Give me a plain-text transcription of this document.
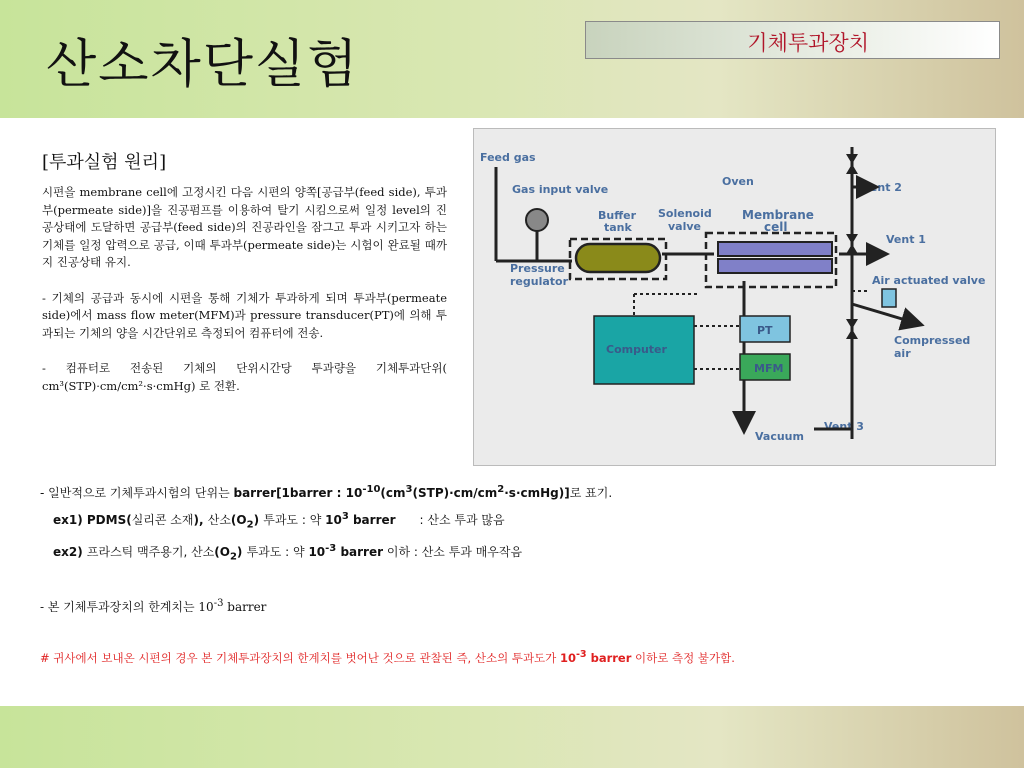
산소차단실험	기체투과장치
[투과실험 원리]
시편을 membrane cell에 고정시킨 다음 시편의 양쪽[공급부(feed side), 투과부(permeate side)]을 진공펌프를 이용하여 탈기 시킴으로써 일정 level의 진공상태에 도달하면 공급부(feed side)의 진공라인을 잠그고 투과 시키고자 하는 기체를 일정 압력으로 공급, 이때 투과부(permeate side)는 시험이 완료될 때까지 진공상태 유지.
- 기체의 공급과 동시에 시편을 통해 기체가 투과하게 되며 투과부(permeate side)에서 mass flow meter(MFM)과 pressure transducer(PT)에 의해 투과되는 기체의 양을 시간단위로 측정되어 컴퓨터에 전송.
- 컴퓨터로 전송된 기체의 단위시간당 투과량을 기체투과단위( cm³(STP)·cm/cm²·s·cmHg) 로 전환.
Feed gas
Gas input valve
Oven	Vent 2
Buffer
tank
Solenoid
valve
Membrane
cell
Vent 1
Pressure
regulator	Air actuated valve
Compressed
air
Vent 3
Vacuum
Computer
PT
MFM
- 일반적으로 기체투과시험의 단위는 barrer[1barrer : $10^{-10}(cm^3(STP)\cdot cm/cm^2\cdot s\cdot cmHg)$]로 표기.
ex1) PDMS(실리콘 소재), 산소$(O_2)$ 투과도 : 약 $10^3$ barrer : 산소 투과 많음
ex2) 프라스틱 맥주용기, 산소$(O_2)$ 투과도 : 약 $10^{-3}$ barrer 이하 : 산소 투과 매우작음
- 본 기체투과장치의 한계치는 $10^{-3}$ barrer
# 귀사에서 보내온 시편의 경우 본 기체투과장치의 한계치를 벗어난 것으로 관찰된 즉, 산소의 투과도가 $10^{-3}$ barrer 이하로 측정 불가함.
